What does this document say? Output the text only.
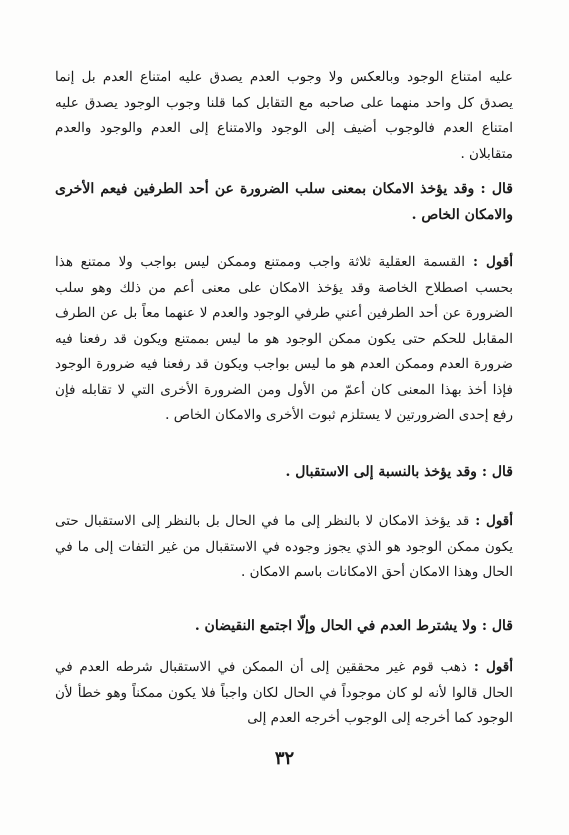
عليه امتناع الوجود وبالعكس ولا وجوب العدم يصدق عليه امتناع العدم بل إنما يصدق كل واحد منهما على صاحبه مع التقابل كما قلنا وجوب الوجود يصدق عليه امتناع العدم فالوجوب أضيف إلى الوجود والامتناع إلى العدم والوجود والعدم متقابلان .

قال : وقد يؤخذ الامكان بمعنى سلب الضرورة عن أحد الطرفين فيعم الأخرى والامكان الخاص .

أقول : القسمة العقلية ثلاثة واجب وممتنع وممكن ليس بواجب ولا ممتنع هذا بحسب اصطلاح الخاصة وقد يؤخذ الامكان على معنى أعم من ذلك وهو سلب الضرورة عن أحد الطرفين أعني طرفي الوجود والعدم لا عنهما معاً بل عن الطرف المقابل للحكم حتى يكون ممكن الوجود هو ما ليس بممتنع ويكون قد رفعنا فيه ضرورة العدم وممكن العدم هو ما ليس بواجب ويكون قد رفعنا فيه ضرورة الوجود فإذا أخذ بهذا المعنى كان أعمّ من الأول ومن الضرورة الأخرى التي لا تقابله فإن رفع إحدى الضرورتين لا يستلزم ثبوت الأخرى والامكان الخاص .

قال : وقد يؤخذ بالنسبة إلى الاستقبال .

أقول : قد يؤخذ الامكان لا بالنظر إلى ما في الحال بل بالنظر إلى الاستقبال حتى يكون ممكن الوجود هو الذي يجوز وجوده في الاستقبال من غير التفات إلى ما في الحال وهذا الامكان أحق الامكانات باسم الامكان .

قال : ولا يشترط العدم في الحال وإلّا اجتمع النقيضان .

أقول : ذهب قوم غير محققين إلى أن الممكن في الاستقبال شرطه العدم في الحال قالوا لأنه لو كان موجوداً في الحال لكان واجباً فلا يكون ممكناً وهو خطأ لأن الوجود كما أخرجه إلى الوجوب أخرجه العدم إلى

٣٢
